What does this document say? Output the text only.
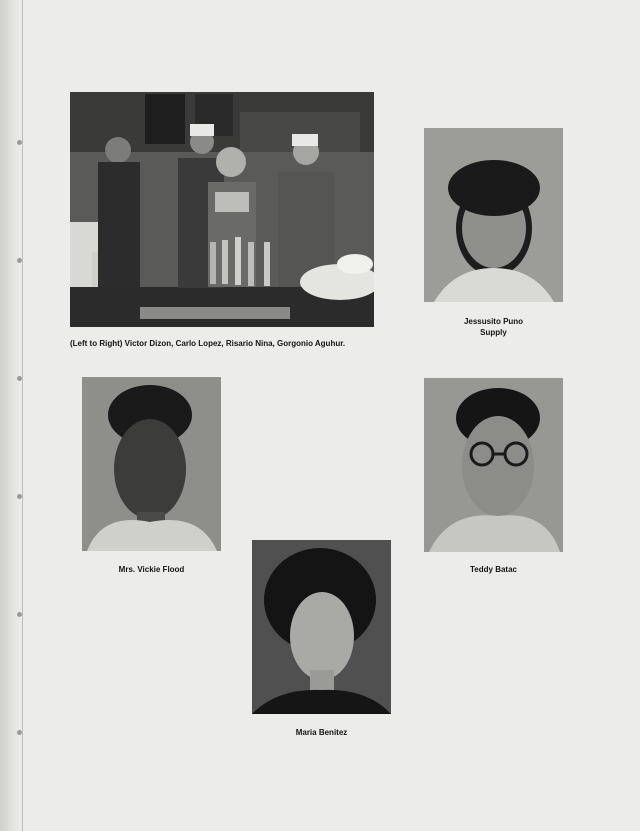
(Left to Right) Victor Dizon, Carlo Lopez, Risario Nina, Gorgonio Aguhur.
Jessusito Puno
Supply
Mrs. Vickie Flood	Teddy Batac
Maria Benitez
